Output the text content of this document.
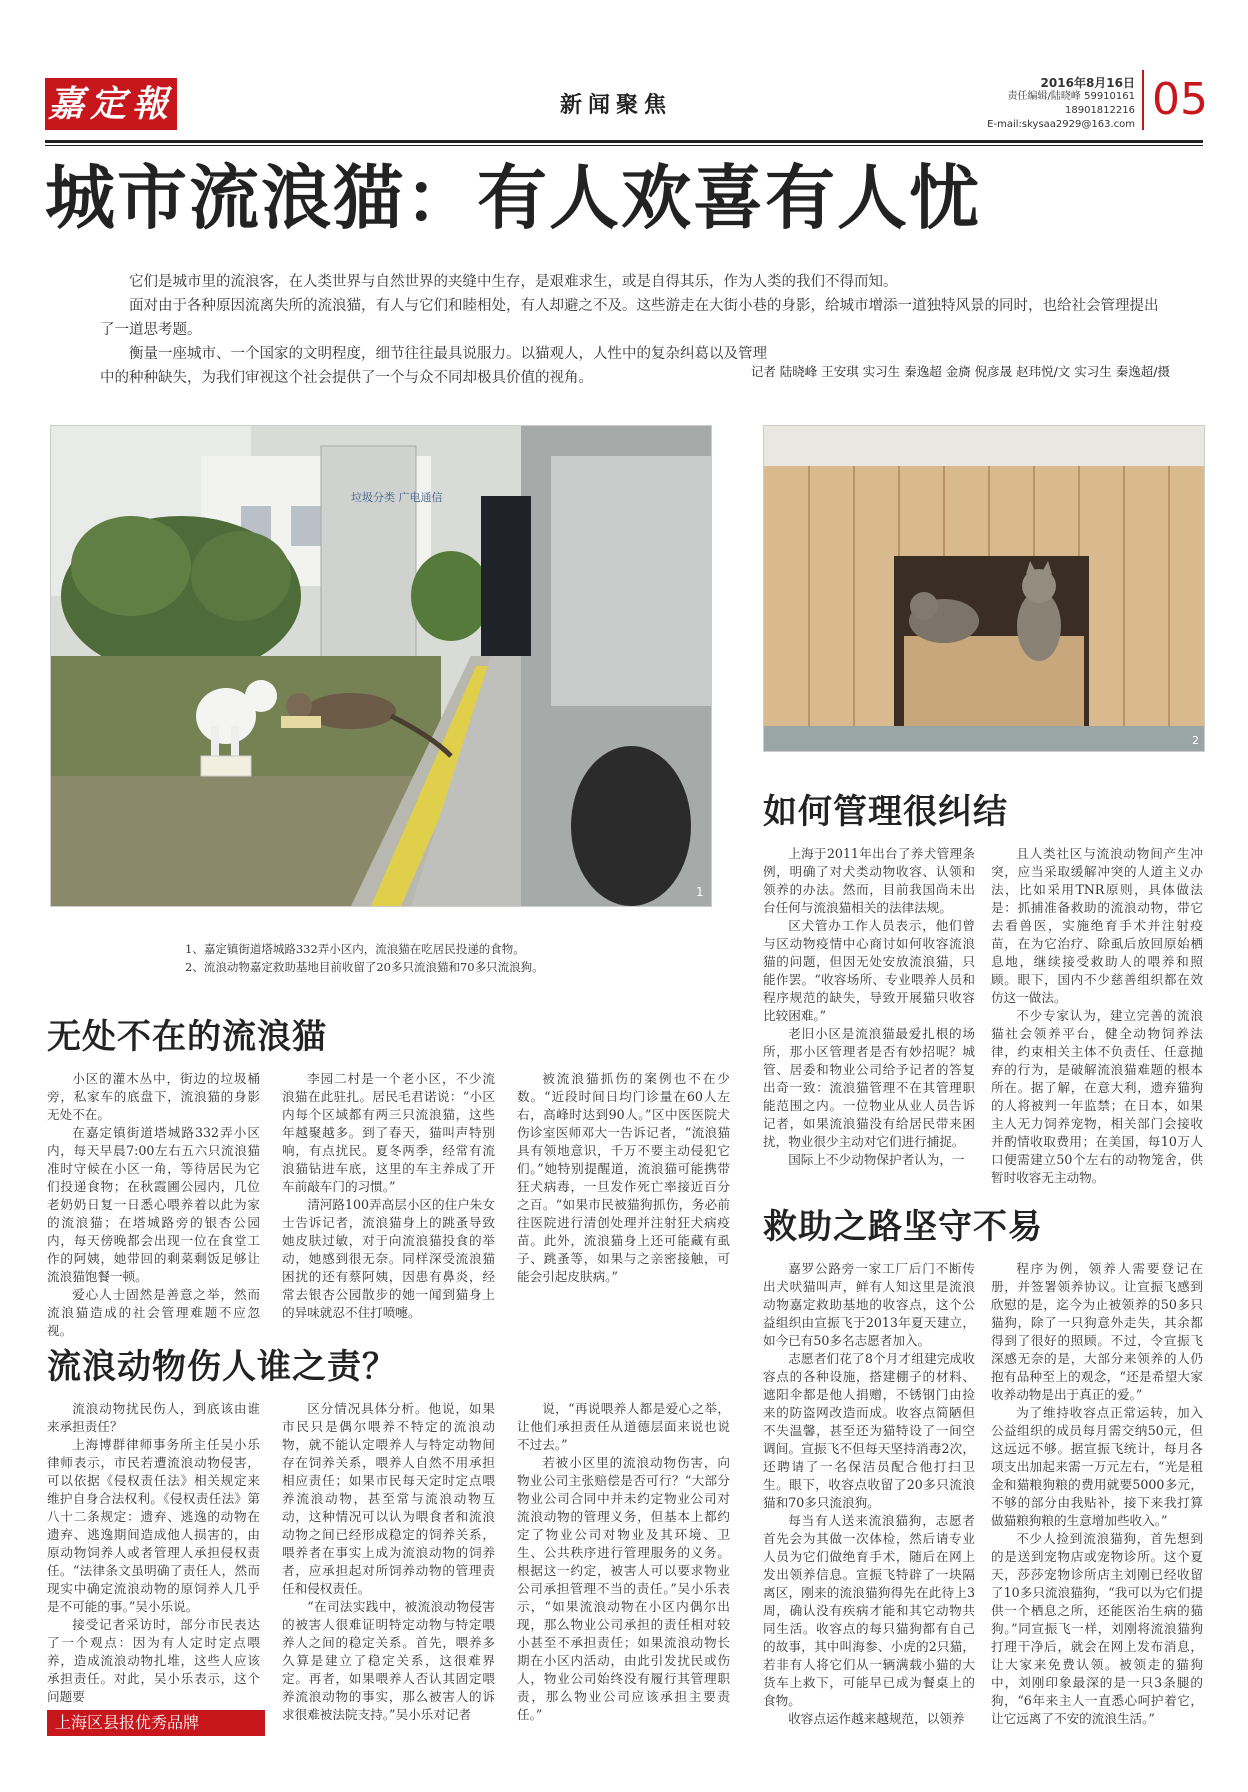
嘉定報	新闻聚焦
2016年8月16日
责任编辑/陆晓峰 59910161 18901812216
E-mail:skysaa2929@163.com 05
城市流浪猫：有人欢喜有人忧

它们是城市里的流浪客，在人类世界与自然世界的夹缝中生存，是艰难求生，或是自得其乐，作为人类的我们不得而知。

面对由于各种原因流离失所的流浪猫，有人与它们和睦相处，有人却避之不及。这些游走在大街小巷的身影，给城市增添一道独特风景的同时，也给社会管理提出了一道思考题。

衡量一座城市、一个国家的文明程度，细节往往最具说服力。以猫观人，人性中的复杂纠葛以及管理中的种种缺失，为我们审视这个社会提供了一个与众不同却极具价值的视角。	记者 陆晓峰 王安琪 实习生 秦逸超 金旖 倪彦晟 赵玮悦/文 实习生 秦逸超/摄
垃圾分类 广电通信
1
2
1、嘉定镇街道塔城路332弄小区内，流浪猫在吃居民投递的食物。
2、流浪动物嘉定救助基地目前收留了20多只流浪猫和70多只流浪狗。
无处不在的流浪猫

小区的灌木丛中，街边的垃圾桶旁，私家车的底盘下，流浪猫的身影无处不在。

在嘉定镇街道塔城路332弄小区内，每天早晨7:00左右五六只流浪猫准时守候在小区一角，等待居民为它们投递食物；在秋霞圃公园内，几位老奶奶日复一日悉心喂养着以此为家的流浪猫；在塔城路旁的银杏公园内，每天傍晚都会出现一位在食堂工作的阿姨，她带回的剩菜剩饭足够让流浪猫饱餐一顿。

爱心人士固然是善意之举，然而流浪猫造成的社会管理难题不应忽视。

李园二村是一个老小区，不少流浪猫在此驻扎。居民毛君诺说：“小区内每个区域都有两三只流浪猫，这些年越聚越多。到了春天，猫叫声特别响，有点扰民。夏冬两季，经常有流浪猫钻进车底，这里的车主养成了开车前敲车门的习惯。”

清河路100弄高层小区的住户朱女士告诉记者，流浪猫身上的跳蚤导致她皮肤过敏，对于向流浪猫投食的举动，她感到很无奈。同样深受流浪猫困扰的还有蔡阿姨，因患有鼻炎，经常去银杏公园散步的她一闻到猫身上的异味就忍不住打喷嚏。

被流浪猫抓伤的案例也不在少数。“近段时间日均门诊量在60人左右，高峰时达到90人。”区中医医院犬伤诊室医师邓大一告诉记者，“流浪猫具有领地意识，千万不要主动侵犯它们。”她特别提醒道，流浪猫可能携带狂犬病毒，一旦发作死亡率接近百分之百。“如果市民被猫狗抓伤，务必前往医院进行清创处理并注射狂犬病疫苗。此外，流浪猫身上还可能藏有虱子、跳蚤等，如果与之亲密接触，可能会引起皮肤病。”

流浪动物伤人谁之责？

流浪动物扰民伤人，到底该由谁来承担责任？

上海博群律师事务所主任吴小乐律师表示，市民若遭流浪动物侵害，可以依据《侵权责任法》相关规定来维护自身合法权利。《侵权责任法》第八十二条规定：遗弃、逃逸的动物在遗弃、逃逸期间造成他人损害的，由原动物饲养人或者管理人承担侵权责任。“法律条文虽明确了责任人，然而现实中确定流浪动物的原饲养人几乎是不可能的事。”吴小乐说。

接受记者采访时，部分市民表达了一个观点：因为有人定时定点喂养，造成流浪动物扎堆，这些人应该承担责任。对此，吴小乐表示，这个问题要

区分情况具体分析。他说，如果市民只是偶尔喂养不特定的流浪动物，就不能认定喂养人与特定动物间存在饲养关系，喂养人自然不用承担相应责任；如果市民每天定时定点喂养流浪动物，甚至常与流浪动物互动，这种情况可以认为喂食者和流浪动物之间已经形成稳定的饲养关系，喂养者在事实上成为流浪动物的饲养者，应承担起对所饲养动物的管理责任和侵权责任。

“在司法实践中，被流浪动物侵害的被害人很难证明特定动物与特定喂养人之间的稳定关系。首先，喂养多久算是建立了稳定关系，这很难界定。再者，如果喂养人否认其固定喂养流浪动物的事实，那么被害人的诉求很难被法院支持。”吴小乐对记者

说，“再说喂养人都是爱心之举，让他们承担责任从道德层面来说也说不过去。”

若被小区里的流浪动物伤害，向物业公司主张赔偿是否可行？“大部分物业公司合同中并未约定物业公司对流浪动物的管理义务，但基本上都约定了物业公司对物业及其环境、卫生、公共秩序进行管理服务的义务。根据这一约定，被害人可以要求物业公司承担管理不当的责任。”吴小乐表示，“如果流浪动物在小区内偶尔出现，那么物业公司承担的责任相对较小甚至不承担责任；如果流浪动物长期在小区内活动，由此引发扰民或伤人，物业公司始终没有履行其管理职责，那么物业公司应该承担主要责任。”

如何管理很纠结

上海于2011年出台了养犬管理条例，明确了对犬类动物收容、认领和领养的办法。然而，目前我国尚未出台任何与流浪猫相关的法律法规。

区犬管办工作人员表示，他们曾与区动物疫情中心商讨如何收容流浪猫的问题，但因无处安放流浪猫，只能作罢。“收容场所、专业喂养人员和程序规范的缺失，导致开展猫只收容比较困难。”

老旧小区是流浪猫最爱扎根的场所，那小区管理者是否有妙招呢？城管、居委和物业公司给予记者的答复出奇一致：流浪猫管理不在其管理职能范围之内。一位物业从业人员告诉记者，如果流浪猫没有给居民带来困扰，物业很少主动对它们进行捕捉。

国际上不少动物保护者认为，一

且人类社区与流浪动物间产生冲突，应当采取缓解冲突的人道主义办法，比如采用TNR原则，具体做法是：抓捕准备救助的流浪动物，带它去看兽医，实施绝育手术并注射疫苗，在为它治疗、除虱后放回原始栖息地，继续接受救助人的喂养和照顾。眼下，国内不少慈善组织都在效仿这一做法。

不少专家认为，建立完善的流浪猫社会领养平台，健全动物饲养法律，约束相关主体不负责任、任意抛弃的行为，是破解流浪猫难题的根本所在。据了解，在意大利，遗弃猫狗的人将被判一年监禁；在日本，如果主人无力饲养宠物，相关部门会接收并酌情收取费用；在美国，每10万人口便需建立50个左右的动物笼舍，供暂时收容无主动物。

救助之路坚守不易

嘉罗公路旁一家工厂后门不断传出犬吠猫叫声，鲜有人知这里是流浪动物嘉定救助基地的收容点，这个公益组织由宣振飞于2013年夏天建立，如今已有50多名志愿者加入。

志愿者们花了8个月才组建完成收容点的各种设施，搭建棚子的材料、遮阳伞都是他人捐赠，不锈钢门由捡来的防盗网改造而成。收容点简陋但不失温馨，甚至还为猫特设了一间空调间。宣振飞不但每天坚持消毒2次，还聘请了一名保洁员配合他打扫卫生。眼下，收容点收留了20多只流浪猫和70多只流浪狗。

每当有人送来流浪猫狗，志愿者首先会为其做一次体检，然后请专业人员为它们做绝育手术，随后在网上发出领养信息。宣振飞特辟了一块隔离区，刚来的流浪猫狗得先在此待上3周，确认没有疾病才能和其它动物共同生活。收容点的每只猫狗都有自己的故事，其中叫海参、小虎的2只猫，若非有人将它们从一辆满载小猫的大货车上救下，可能早已成为餐桌上的食物。

收容点运作越来越规范，以领养

程序为例，领养人需要登记在册，并签署领养协议。让宣振飞感到欣慰的是，迄今为止被领养的50多只猫狗，除了一只狗意外走失，其余都得到了很好的照顾。不过，令宣振飞深感无奈的是，大部分来领养的人仍抱有品种至上的观念，“还是希望大家收养动物是出于真正的爱。”

为了维持收容点正常运转，加入公益组织的成员每月需交纳50元，但这远远不够。据宣振飞统计，每月各项支出加起来需一万元左右，“光是租金和猫粮狗粮的费用就要5000多元，不够的部分由我贴补，接下来我打算做猫粮狗粮的生意增加些收入。”

不少人捡到流浪猫狗，首先想到的是送到宠物店或宠物诊所。这个夏天，莎莎宠物诊所店主刘刚已经收留了10多只流浪猫狗，“我可以为它们提供一个栖息之所，还能医治生病的猫狗。”同宣振飞一样，刘刚将流浪猫狗打理干净后，就会在网上发布消息，让大家来免费认领。被领走的猫狗中，刘刚印象最深的是一只3条腿的狗，“6年来主人一直悉心呵护着它，让它远离了不安的流浪生活。”

上海区县报优秀品牌
